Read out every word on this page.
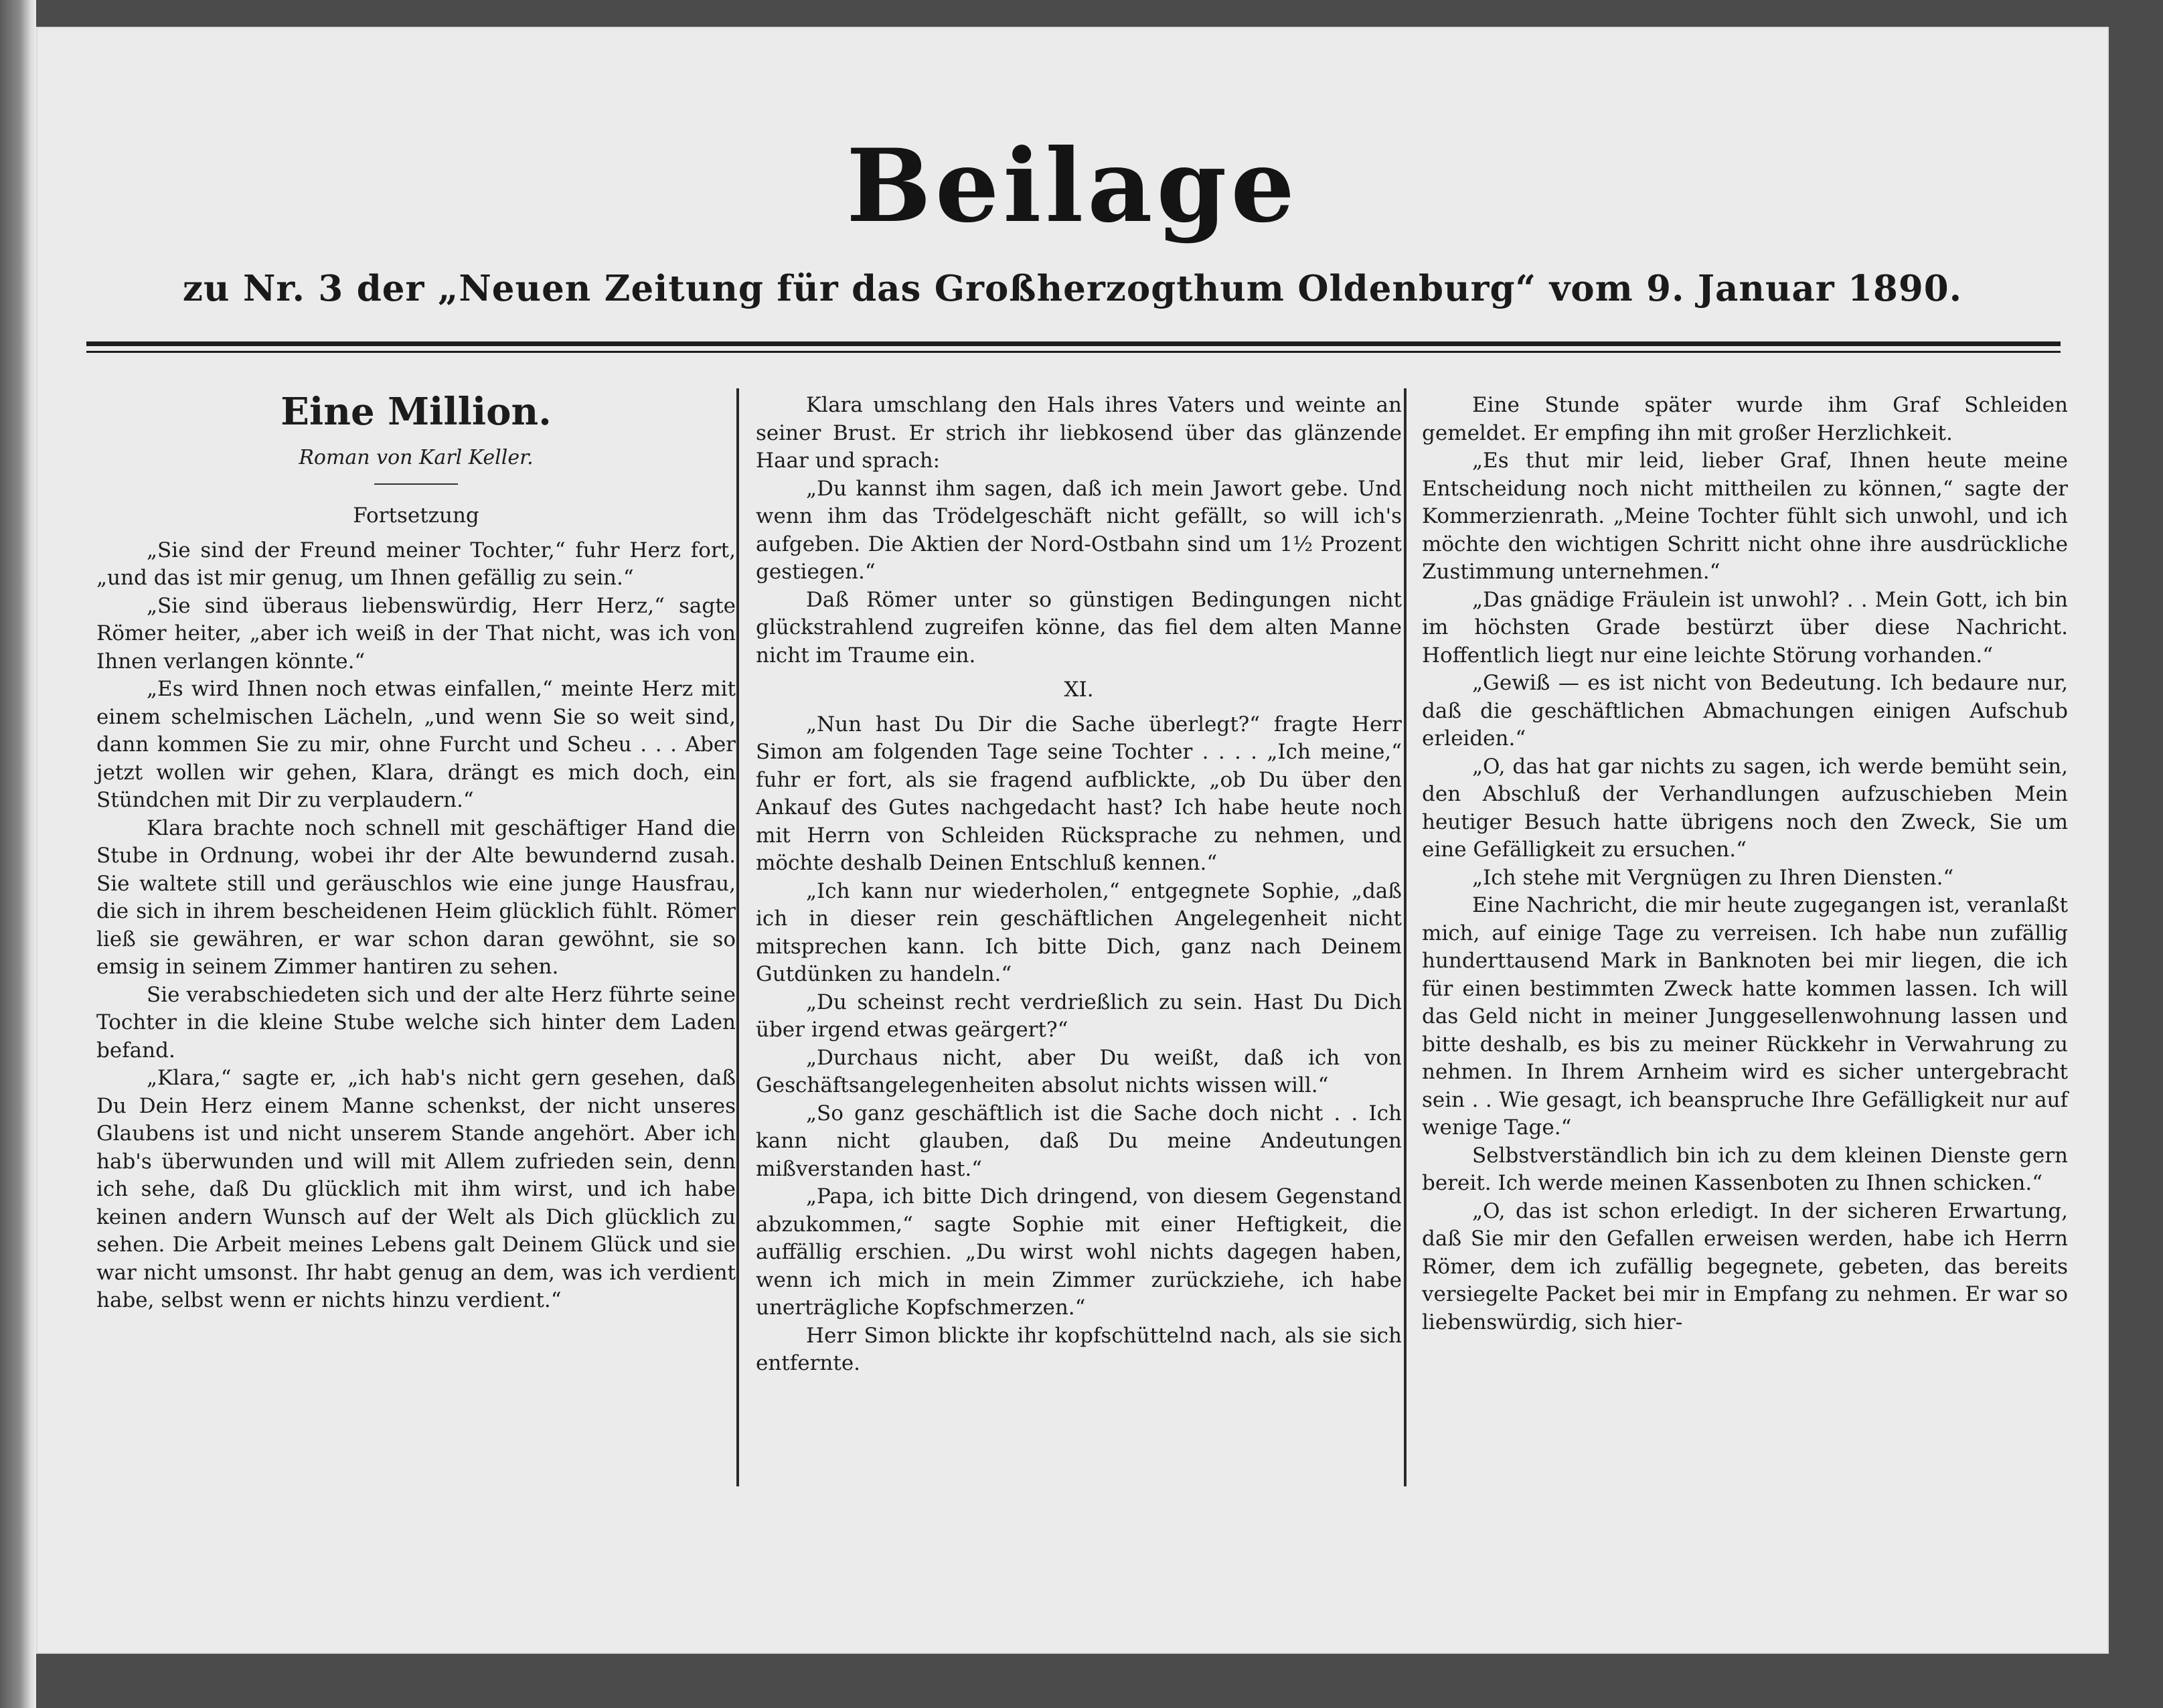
Beilage
zu Nr. 3 der „Neuen Zeitung für das Großherzogthum Oldenburg“ vom 9. Januar 1890.
Eine Million.
Roman von Karl Keller.

Fortsetzung

„Sie sind der Freund meiner Tochter,“ fuhr Herz fort, „und das ist mir genug, um Ihnen gefällig zu sein.“

„Sie sind überaus liebenswürdig, Herr Herz,“ sagte Römer heiter, „aber ich weiß in der That nicht, was ich von Ihnen verlangen könnte.“

„Es wird Ihnen noch etwas einfallen,“ meinte Herz mit einem schelmischen Lächeln, „und wenn Sie so weit sind, dann kommen Sie zu mir, ohne Furcht und Scheu . . . Aber jetzt wollen wir gehen, Klara, drängt es mich doch, ein Stündchen mit Dir zu verplaudern.“

Klara brachte noch schnell mit geschäftiger Hand die Stube in Ordnung, wobei ihr der Alte bewundernd zusah. Sie waltete still und geräuschlos wie eine junge Hausfrau, die sich in ihrem bescheidenen Heim glücklich fühlt. Römer ließ sie gewähren, er war schon daran gewöhnt, sie so emsig in seinem Zimmer hantiren zu sehen.

Sie verabschiedeten sich und der alte Herz führte seine Tochter in die kleine Stube welche sich hinter dem Laden befand.

„Klara,“ sagte er, „ich hab's nicht gern gesehen, daß Du Dein Herz einem Manne schenkst, der nicht unseres Glaubens ist und nicht unserem Stande angehört. Aber ich hab's überwunden und will mit Allem zufrieden sein, denn ich sehe, daß Du glücklich mit ihm wirst, und ich habe keinen andern Wunsch auf der Welt als Dich glücklich zu sehen. Die Arbeit meines Lebens galt Deinem Glück und sie war nicht umsonst. Ihr habt genug an dem, was ich verdient habe, selbst wenn er nichts hinzu verdient.“

Klara umschlang den Hals ihres Vaters und weinte an seiner Brust. Er strich ihr liebkosend über das glänzende Haar und sprach:

„Du kannst ihm sagen, daß ich mein Jawort gebe. Und wenn ihm das Trödelgeschäft nicht gefällt, so will ich's aufgeben. Die Aktien der Nord-Ostbahn sind um 1½ Prozent gestiegen.“

Daß Römer unter so günstigen Bedingungen nicht glückstrahlend zugreifen könne, das fiel dem alten Manne nicht im Traume ein.

XI.

„Nun hast Du Dir die Sache überlegt?“ fragte Herr Simon am folgenden Tage seine Tochter . . . . „Ich meine,“ fuhr er fort, als sie fragend aufblickte, „ob Du über den Ankauf des Gutes nachgedacht hast? Ich habe heute noch mit Herrn von Schleiden Rücksprache zu nehmen, und möchte deshalb Deinen Entschluß kennen.“

„Ich kann nur wiederholen,“ entgegnete Sophie, „daß ich in dieser rein geschäftlichen Angelegenheit nicht mitsprechen kann. Ich bitte Dich, ganz nach Deinem Gutdünken zu handeln.“

„Du scheinst recht verdrießlich zu sein. Hast Du Dich über irgend etwas geärgert?“

„Durchaus nicht, aber Du weißt, daß ich von Geschäftsangelegenheiten absolut nichts wissen will.“

„So ganz geschäftlich ist die Sache doch nicht . . Ich kann nicht glauben, daß Du meine Andeutungen mißverstanden hast.“

„Papa, ich bitte Dich dringend, von diesem Gegenstand abzukommen,“ sagte Sophie mit einer Heftigkeit, die auffällig erschien. „Du wirst wohl nichts dagegen haben, wenn ich mich in mein Zimmer zurückziehe, ich habe unerträgliche Kopfschmerzen.“

Herr Simon blickte ihr kopfschüttelnd nach, als sie sich entfernte.

Eine Stunde später wurde ihm Graf Schleiden gemeldet. Er empfing ihn mit großer Herzlichkeit.

„Es thut mir leid, lieber Graf, Ihnen heute meine Entscheidung noch nicht mittheilen zu können,“ sagte der Kommerzienrath. „Meine Tochter fühlt sich unwohl, und ich möchte den wichtigen Schritt nicht ohne ihre ausdrückliche Zustimmung unternehmen.“

„Das gnädige Fräulein ist unwohl? . . Mein Gott, ich bin im höchsten Grade bestürzt über diese Nachricht. Hoffentlich liegt nur eine leichte Störung vorhanden.“

„Gewiß — es ist nicht von Bedeutung. Ich bedaure nur, daß die geschäftlichen Abmachungen einigen Aufschub erleiden.“

„O, das hat gar nichts zu sagen, ich werde bemüht sein, den Abschluß der Verhandlungen aufzuschieben Mein heutiger Besuch hatte übrigens noch den Zweck, Sie um eine Gefälligkeit zu ersuchen.“

„Ich stehe mit Vergnügen zu Ihren Diensten.“

Eine Nachricht, die mir heute zugegangen ist, veranlaßt mich, auf einige Tage zu verreisen. Ich habe nun zufällig hunderttausend Mark in Banknoten bei mir liegen, die ich für einen bestimmten Zweck hatte kommen lassen. Ich will das Geld nicht in meiner Junggesellenwohnung lassen und bitte deshalb, es bis zu meiner Rückkehr in Verwahrung zu nehmen. In Ihrem Arnheim wird es sicher untergebracht sein . . Wie gesagt, ich beanspruche Ihre Gefälligkeit nur auf wenige Tage.“

Selbstverständlich bin ich zu dem kleinen Dienste gern bereit. Ich werde meinen Kassenboten zu Ihnen schicken.“

„O, das ist schon erledigt. In der sicheren Erwartung, daß Sie mir den Gefallen erweisen werden, habe ich Herrn Römer, dem ich zufällig begegnete, gebeten, das bereits versiegelte Packet bei mir in Empfang zu nehmen. Er war so liebenswürdig, sich hier-
